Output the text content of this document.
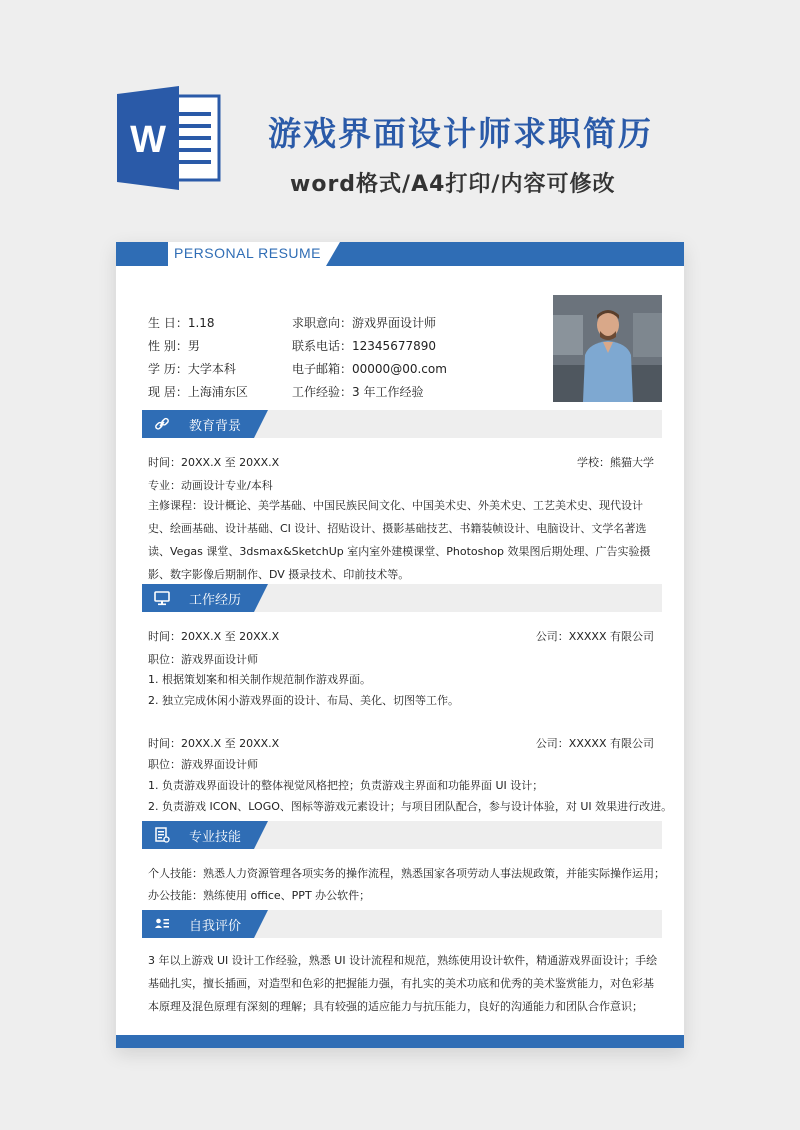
W	游戏界面设计师求职简历
word格式/A4打印/内容可修改
PERSONAL RESUME
生 日：1.18
性 别：男
学 历：大学本科
现 居：上海浦东区
求职意向：游戏界面设计师
联系电话：12345677890
电子邮箱：00000@00.com
工作经验：3 年工作经验
教育背景
时间：20XX.X 至 20XX.X	学校：熊猫大学
专业：动画设计专业/本科
主修课程：设计概论、美学基础、中国民族民间文化、中国美术史、外美术史、工艺美术史、现代设计史、绘画基础、设计基础、CI 设计、招贴设计、摄影基础技艺、书籍装帧设计、电脑设计、文学名著选读、Vegas 课堂、3dsmax&SketchUp 室内室外建模课堂、Photoshop 效果图后期处理、广告实验摄影、数字影像后期制作、DV 摄录技术、印前技术等。
工作经历
时间：20XX.X 至 20XX.X	公司：XXXXX 有限公司
职位：游戏界面设计师
1. 根据策划案和相关制作规范制作游戏界面。
2. 独立完成休闲小游戏界面的设计、布局、美化、切图等工作。
时间：20XX.X 至 20XX.X	公司：XXXXX 有限公司
职位：游戏界面设计师
1. 负责游戏界面设计的整体视觉风格把控；负责游戏主界面和功能界面 UI 设计；
2. 负责游戏 ICON、LOGO、图标等游戏元素设计；与项目团队配合，参与设计体验，对 UI 效果进行改进。
专业技能
个人技能：熟悉人力资源管理各项实务的操作流程，熟悉国家各项劳动人事法规政策，并能实际操作运用；
办公技能：熟练使用 office、PPT 办公软件；
自我评价
3 年以上游戏 UI 设计工作经验，熟悉 UI 设计流程和规范，熟练使用设计软件，精通游戏界面设计；手绘基础扎实，擅长插画，对造型和色彩的把握能力强，有扎实的美术功底和优秀的美术鉴赏能力，对色彩基本原理及混色原理有深刻的理解；具有较强的适应能力与抗压能力，良好的沟通能力和团队合作意识；
